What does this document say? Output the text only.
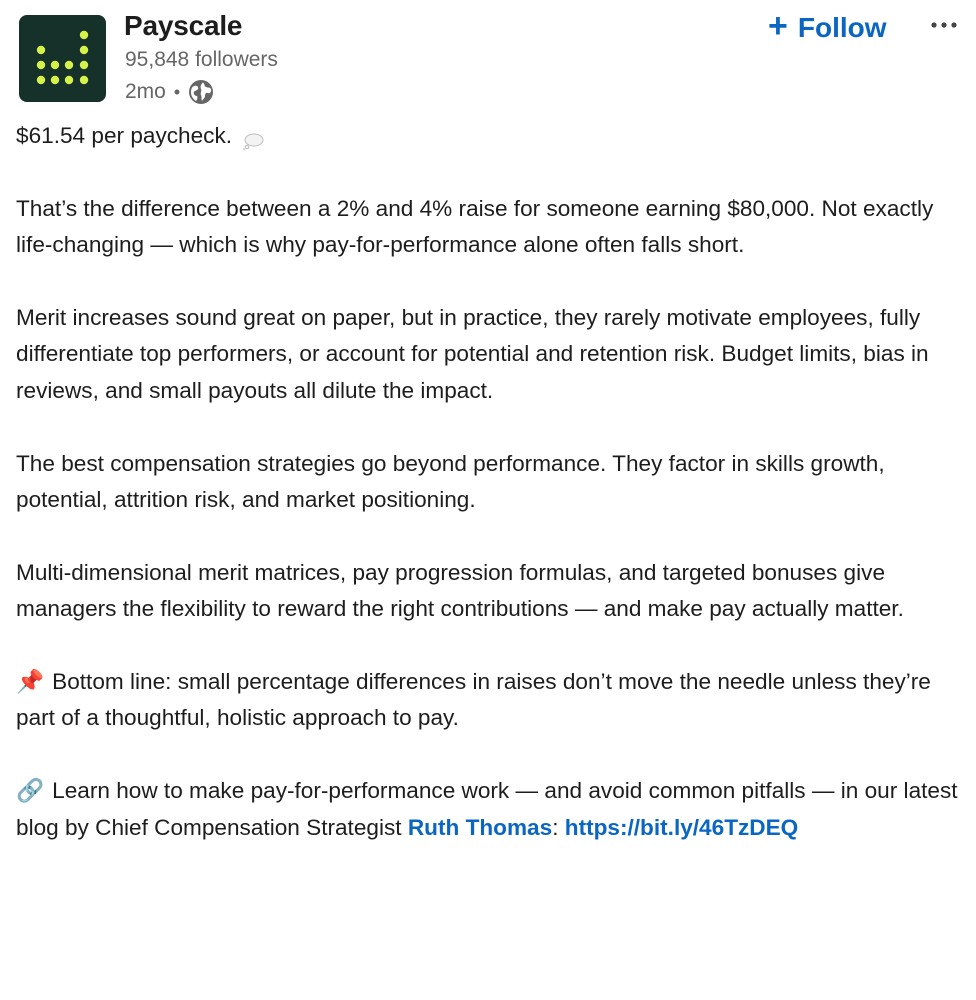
Payscale
95,848 followers
2mo •
+ Follow

$61.54 per paycheck.

That’s the difference between a 2% and 4% raise for someone earning $80,000. Not exactly life-changing — which is why pay-for-performance alone often falls short.

Merit increases sound great on paper, but in practice, they rarely motivate employees, fully differentiate top performers, or account for potential and retention risk. Budget limits, bias in reviews, and small payouts all dilute the impact.

The best compensation strategies go beyond performance. They factor in skills growth, potential, attrition risk, and market positioning.

Multi-dimensional merit matrices, pay progression formulas, and targeted bonuses give managers the flexibility to reward the right contributions — and make pay actually matter.

📌 Bottom line: small percentage differences in raises don’t move the needle unless they’re part of a thoughtful, holistic approach to pay.

🔗 Learn how to make pay-for-performance work — and avoid common pitfalls — in our latest blog by Chief Compensation Strategist Ruth Thomas: https://bit.ly/46TzDEQ
